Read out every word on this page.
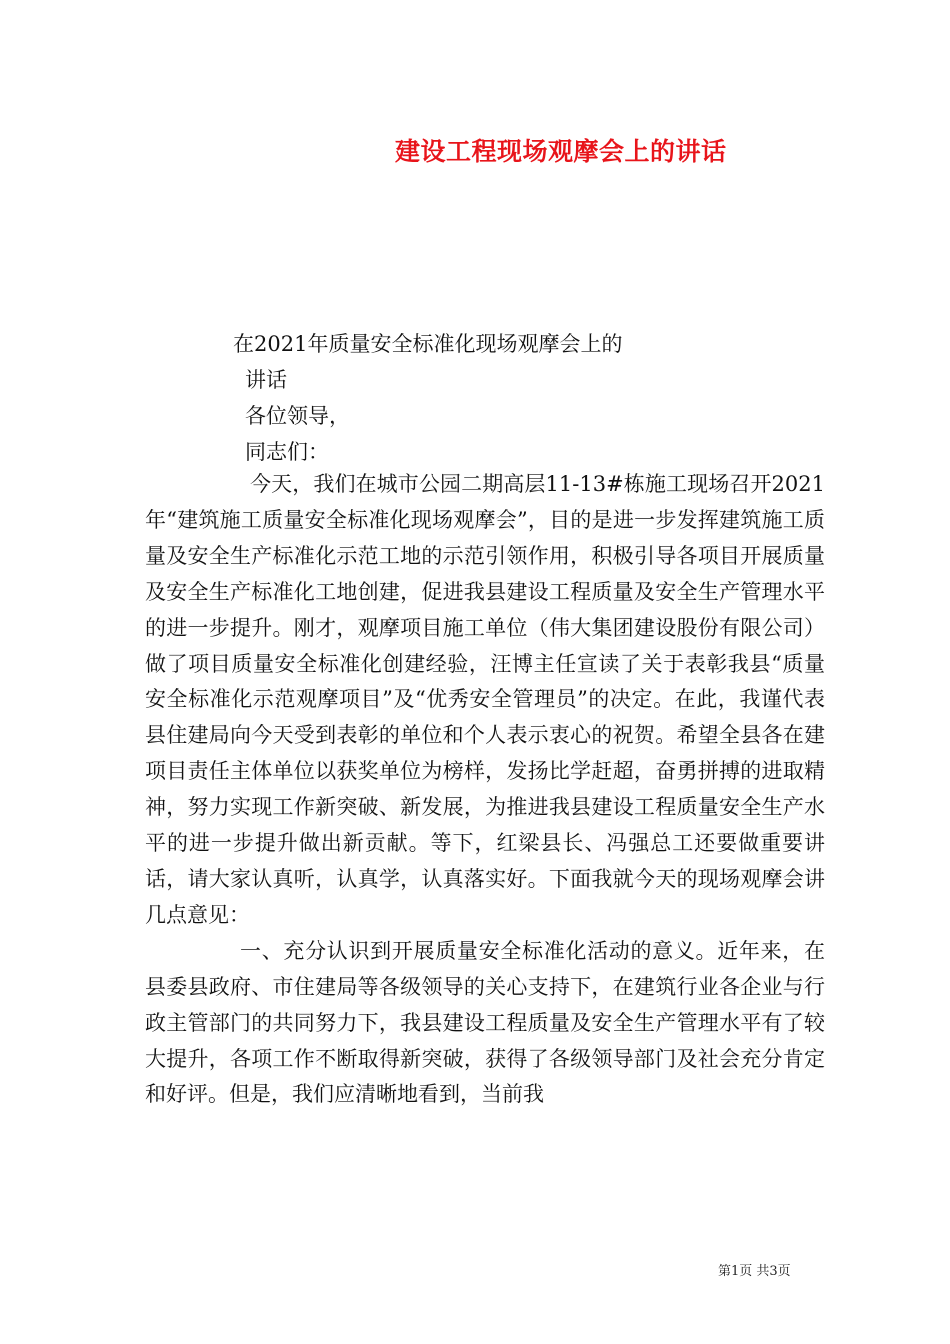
建设工程现场观摩会上的讲话
在2021年质量安全标准化现场观摩会上的
讲话
各位领导，
同志们：

今天，我们在城市公园二期高层11-13#栋施工现场召开2021年“建筑施工质量安全标准化现场观摩会”，目的是进一步发挥建筑施工质量及安全生产标准化示范工地的示范引领作用，积极引导各项目开展质量及安全生产标准化工地创建，促进我县建设工程质量及安全生产管理水平的进一步提升。刚才，观摩项目施工单位（伟大集团建设股份有限公司）做了项目质量安全标准化创建经验，汪博主任宣读了关于表彰我县“质量安全标准化示范观摩项目”及“优秀安全管理员”的决定。在此，我谨代表县住建局向今天受到表彰的单位和个人表示衷心的祝贺。希望全县各在建项目责任主体单位以获奖单位为榜样，发扬比学赶超，奋勇拼搏的进取精神，努力实现工作新突破、新发展，为推进我县建设工程质量安全生产水平的进一步提升做出新贡献。等下，红梁县长、冯强总工还要做重要讲话，请大家认真听，认真学，认真落实好。下面我就今天的现场观摩会讲几点意见：

一、充分认识到开展质量安全标准化活动的意义。近年来，在县委县政府、市住建局等各级领导的关心支持下，在建筑行业各企业与行政主管部门的共同努力下，我县建设工程质量及安全生产管理水平有了较大提升，各项工作不断取得新突破，获得了各级领导部门及社会充分肯定和好评。但是，我们应清晰地看到，当前我

第1页 共3页
